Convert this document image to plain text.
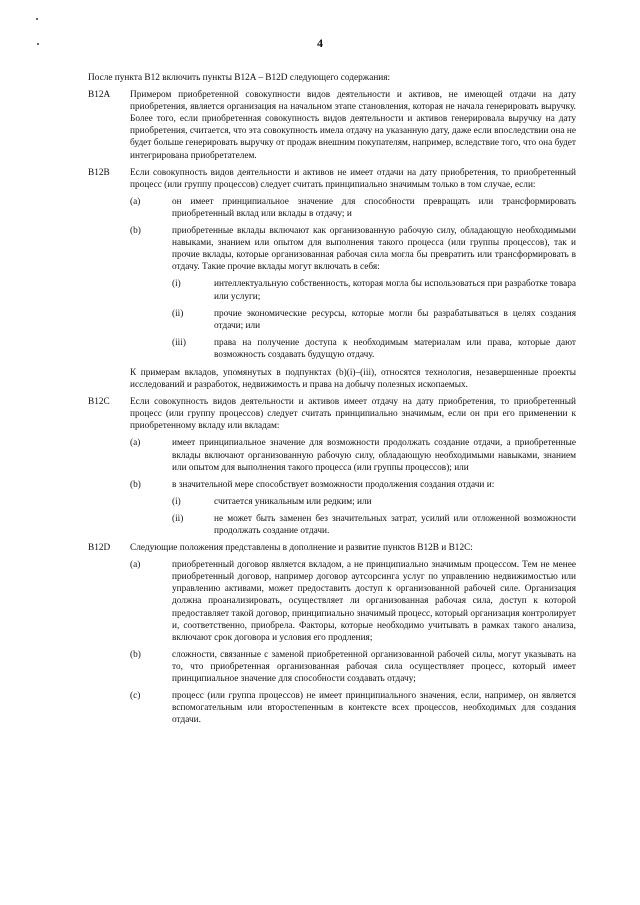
4

После пункта B12 включить пункты B12A – B12D следующего содержания:

B12A Примером приобретенной совокупности видов деятельности и активов, не имеющей отдачи на дату приобретения, является организация на начальном этапе становления, которая не начала генерировать выручку. Более того, если приобретенная совокупность видов деятельности и активов генерировала выручку на дату приобретения, считается, что эта совокупность имела отдачу на указанную дату, даже если впоследствии она не будет больше генерировать выручку от продаж внешним покупателям, например, вследствие того, что она будет интегрирована приобретателем.

B12B Если совокупность видов деятельности и активов не имеет отдачи на дату приобретения, то приобретенный процесс (или группу процессов) следует считать принципиально значимым только в том случае, если:

(a)	он имеет принципиальное значение для способности превращать или трансформировать приобретенный вклад или вклады в отдачу; и

(b)	приобретенные вклады включают как организованную рабочую силу, обладающую необходимыми навыками, знанием или опытом для выполнения такого процесса (или группы процессов), так и прочие вклады, которые организованная рабочая сила могла бы превратить или трансформировать в отдачу. Такие прочие вклады могут включать в себя:

(i)	интеллектуальную собственность, которая могла бы использоваться при разработке товара или услуги;

(ii)	прочие экономические ресурсы, которые могли бы разрабатываться в целях создания отдачи; или

(iii)	права на получение доступа к необходимым материалам или права, которые дают возможность создавать будущую отдачу.

К примерам вкладов, упомянутых в подпунктах (b)(i)–(iii), относятся технология, незавершенные проекты исследований и разработок, недвижимость и права на добычу полезных ископаемых.

B12C Если совокупность видов деятельности и активов имеет отдачу на дату приобретения, то приобретенный процесс (или группу процессов) следует считать принципиально значимым, если он при его применении к приобретенному вкладу или вкладам:

(a)	имеет принципиальное значение для возможности продолжать создание отдачи, а приобретенные вклады включают организованную рабочую силу, обладающую необходимыми навыками, знанием или опытом для выполнения такого процесса (или группы процессов); или

(b)	в значительной мере способствует возможности продолжения создания отдачи и:

(i)	считается уникальным или редким; или

(ii)	не может быть заменен без значительных затрат, усилий или отложенной возможности продолжать создание отдачи.

B12D Следующие положения представлены в дополнение и развитие пунктов B12B и B12C:

(a)	приобретенный договор является вкладом, а не принципиально значимым процессом. Тем не менее приобретенный договор, например договор аутсорсинга услуг по управлению недвижимостью или управлению активами, может предоставить доступ к организованной рабочей силе. Организация должна проанализировать, осуществляет ли организованная рабочая сила, доступ к которой предоставляет такой договор, принципиально значимый процесс, который организация контролирует и, соответственно, приобрела. Факторы, которые необходимо учитывать в рамках такого анализа, включают срок договора и условия его продления;

(b)	сложности, связанные с заменой приобретенной организованной рабочей силы, могут указывать на то, что приобретенная организованная рабочая сила осуществляет процесс, который имеет принципиальное значение для способности создавать отдачу;

(c)	процесс (или группа процессов) не имеет принципиального значения, если, например, он является вспомогательным или второстепенным в контексте всех процессов, необходимых для создания отдачи.
